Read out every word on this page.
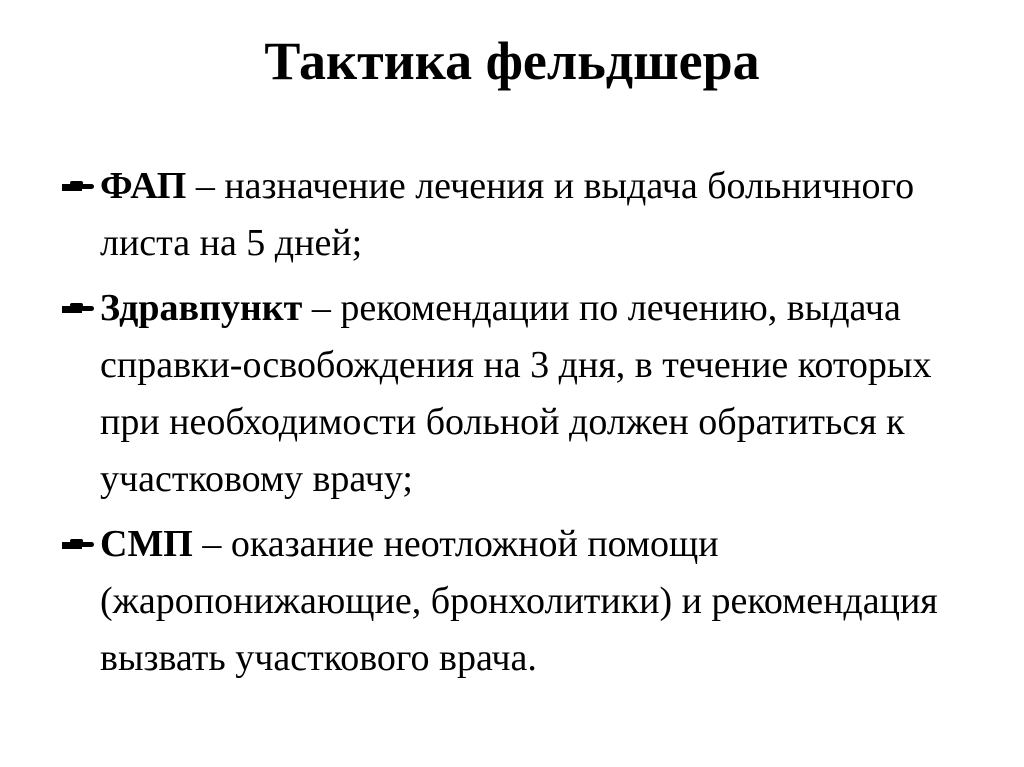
Тактика фельдшера
ФАП – назначение лечения и выдача больничного листа на 5 дней;
Здравпункт – рекомендации по лечению, выдача справки-освобождения на 3 дня, в течение которых при необходимости больной должен обратиться к участковому врачу;
СМП – оказание неотложной помощи (жаропонижающие, бронхолитики) и рекомендация вызвать участкового врача.
